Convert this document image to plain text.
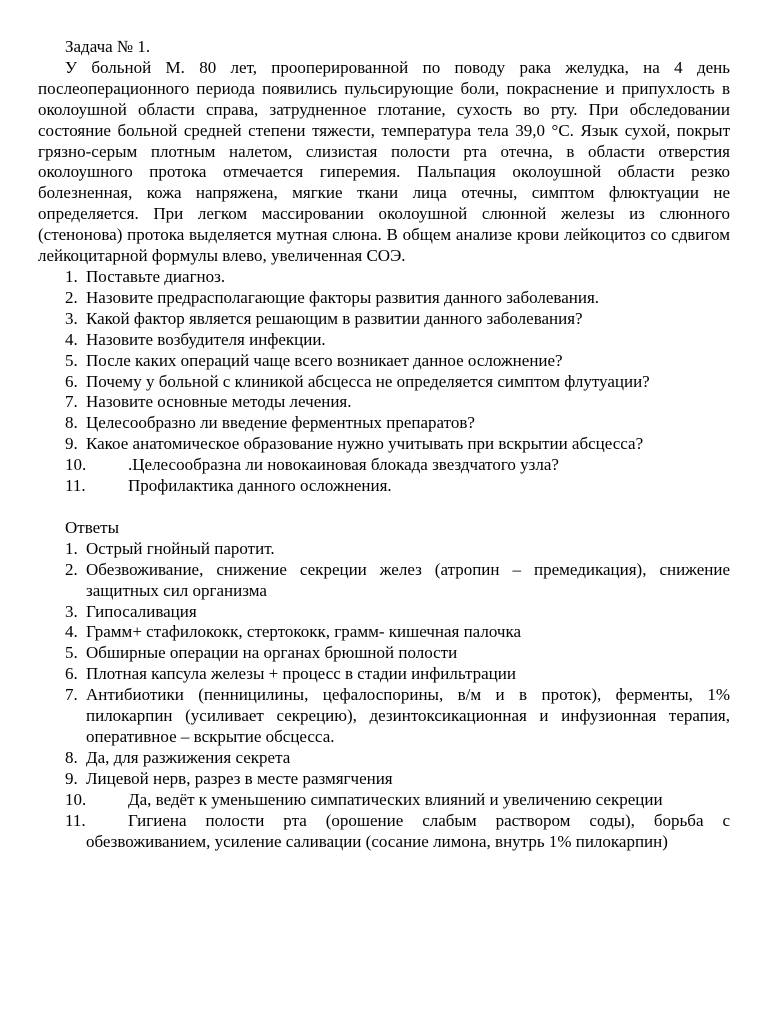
Задача № 1.

У больной М. 80 лет, прооперированной по поводу рака желудка, на 4 день послеоперационного периода появились пульсирующие боли, покраснение и припухлость в околоушной области справа, затрудненное глотание, сухость во рту. При обследовании состояние больной средней степени тяжести, температура тела 39,0 °С. Язык сухой, покрыт грязно-серым плотным налетом, слизистая полости рта отечна, в области отверстия околоушного протока отмечается гиперемия. Пальпация околоушной области резко болезненная, кожа напряжена, мягкие ткани лица отечны, симптом флюктуации не определяется. При легком массировании околоушной слюнной железы из слюнного (стенонова) протока выделяется мутная слюна. В общем анализе крови лейкоцитоз со сдвигом лейкоцитарной формулы влево, увеличенная СОЭ.

1. Поставьте диагноз.
2. Назовите предрасполагающие факторы развития данного заболевания.
3. Какой фактор является решающим в развитии данного заболевания?
4. Назовите возбудителя инфекции.
5. После каких операций чаще всего возникает данное осложнение?
6. Почему у больной с клиникой абсцесса не определяется симптом флутуации?
7. Назовите основные методы лечения.
8. Целесообразно ли введение ферментных препаратов?
9. Какое анатомическое образование нужно учитывать при вскрытии абсцесса?
10. .Целесообразна ли новокаиновая блокада звездчатого узла?
11. Профилактика данного осложнения.
Ответы
1. Острый гнойный паротит.
2. Обезвоживание, снижение секреции желез (атропин – премедикация), снижение защитных сил организма
3. Гипосаливация
4. Грамм+ стафилококк, стертококк, грамм- кишечная палочка
5. Обширные операции на органах брюшной полости
6. Плотная капсула железы + процесс в стадии инфильтрации
7. Антибиотики (пенницилины, цефалоспорины, в/м и в проток), ферменты, 1% пилокарпин (усиливает секрецию), дезинтоксикационная и инфузионная терапия, оперативное – вскрытие обсцесса.
8. Да, для разжижения секрета
9. Лицевой нерв, разрез в месте размягчения
10. Да, ведёт к уменьшению симпатических влияний и увеличению секреции
11. Гигиена полости рта (орошение слабым раствором соды), борьба с обезвоживанием, усиление саливации (сосание лимона, внутрь 1% пилокарпин)
